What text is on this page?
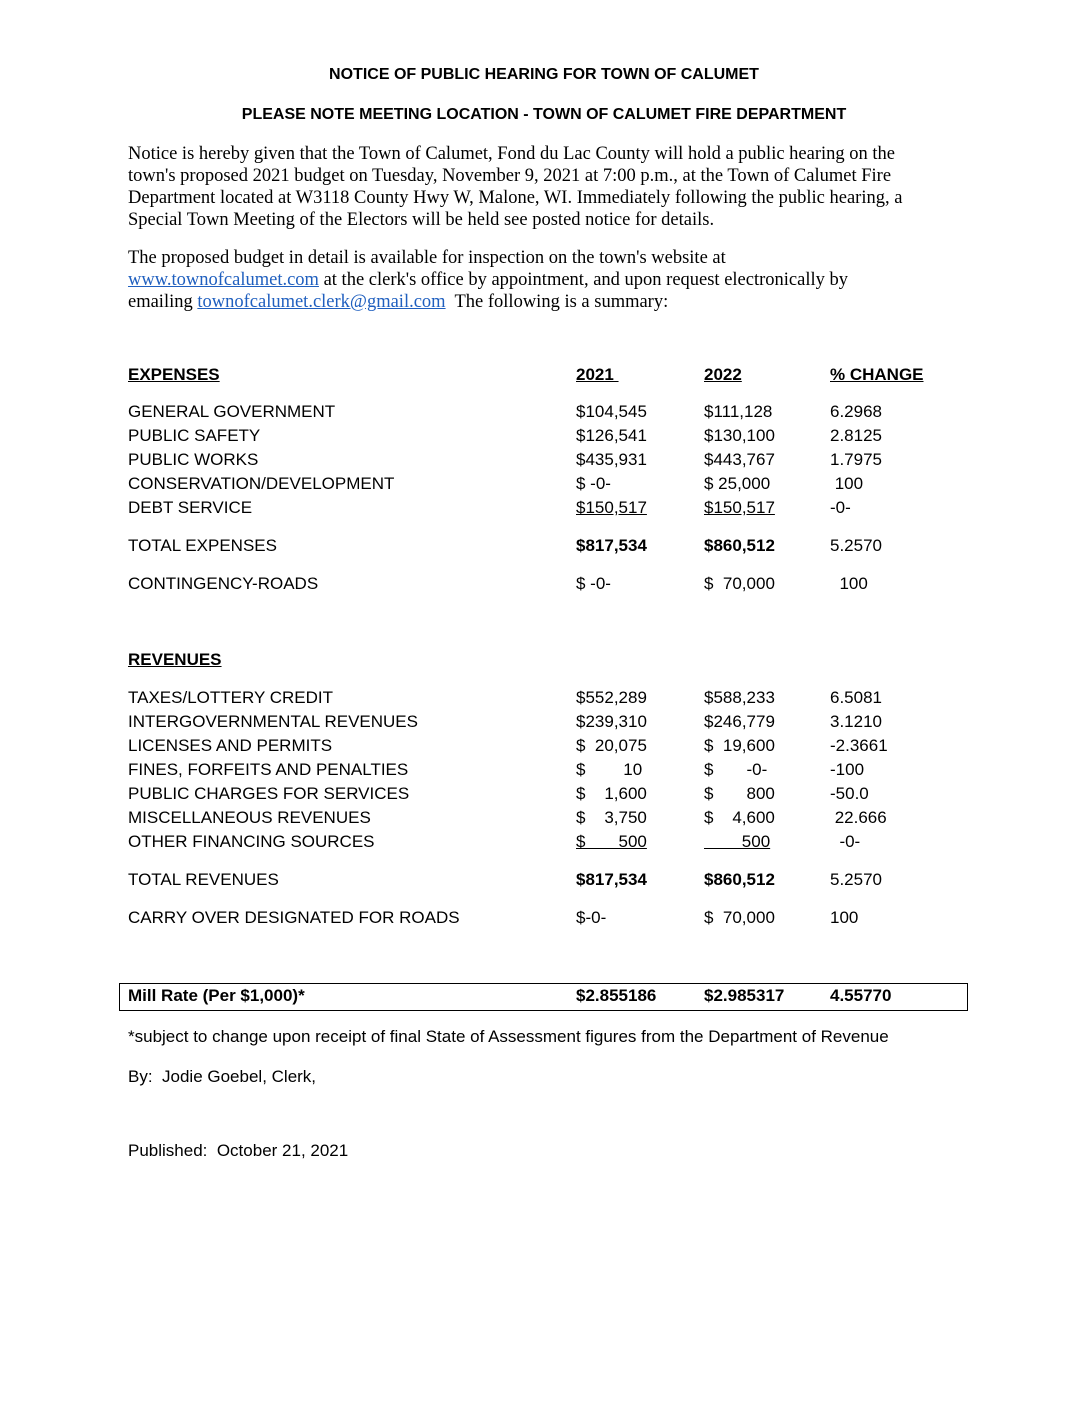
NOTICE OF PUBLIC HEARING FOR TOWN OF CALUMET
PLEASE NOTE MEETING LOCATION - TOWN OF CALUMET FIRE DEPARTMENT
Notice is hereby given that the Town of Calumet, Fond du Lac County will hold a public hearing on the
town's proposed 2021 budget on Tuesday, November 9, 2021 at 7:00 p.m., at the Town of Calumet Fire
Department located at W3118 County Hwy W, Malone, WI. Immediately following the public hearing, a
Special Town Meeting of the Electors will be held see posted notice for details.
The proposed budget in detail is available for inspection on the town's website at
www.townofcalumet.com at the clerk's office by appointment, and upon request electronically by
emailing townofcalumet.clerk@gmail.com  The following is a summary:
EXPENSES	2021	2022	% CHANGE
GENERAL GOVERNMENT	$104,545	$111,128	6.2968
PUBLIC SAFETY	$126,541	$130,100	2.8125
PUBLIC WORKS	$435,931	$443,767	1.7975
CONSERVATION/DEVELOPMENT	$ -0-	$ 25,000	100
DEBT SERVICE	$150,517	$150,517	-0-
TOTAL EXPENSES	$817,534	$860,512	5.2570
CONTINGENCY-ROADS	$ -0-	$  70,000	100
REVENUES
TAXES/LOTTERY CREDIT	$552,289	$588,233	6.5081
INTERGOVERNMENTAL REVENUES	$239,310	$246,779	3.1210
LICENSES AND PERMITS	$  20,075	$  19,600	-2.3661
FINES, FORFEITS AND PENALTIES	$        10	$       -0-	-100
PUBLIC CHARGES FOR SERVICES	$    1,600	$       800	-50.0
MISCELLANEOUS REVENUES	$    3,750	$    4,600	22.666
OTHER FINANCING SOURCES	$       500	500	-0-
TOTAL REVENUES	$817,534	$860,512	5.2570
CARRY OVER DESIGNATED FOR ROADS	$-0-	$  70,000	100
Mill Rate (Per $1,000)*	$2.855186	$2.985317	4.55770
*subject to change upon receipt of final State of Assessment figures from the Department of Revenue
By:  Jodie Goebel, Clerk,
Published:  October 21, 2021
